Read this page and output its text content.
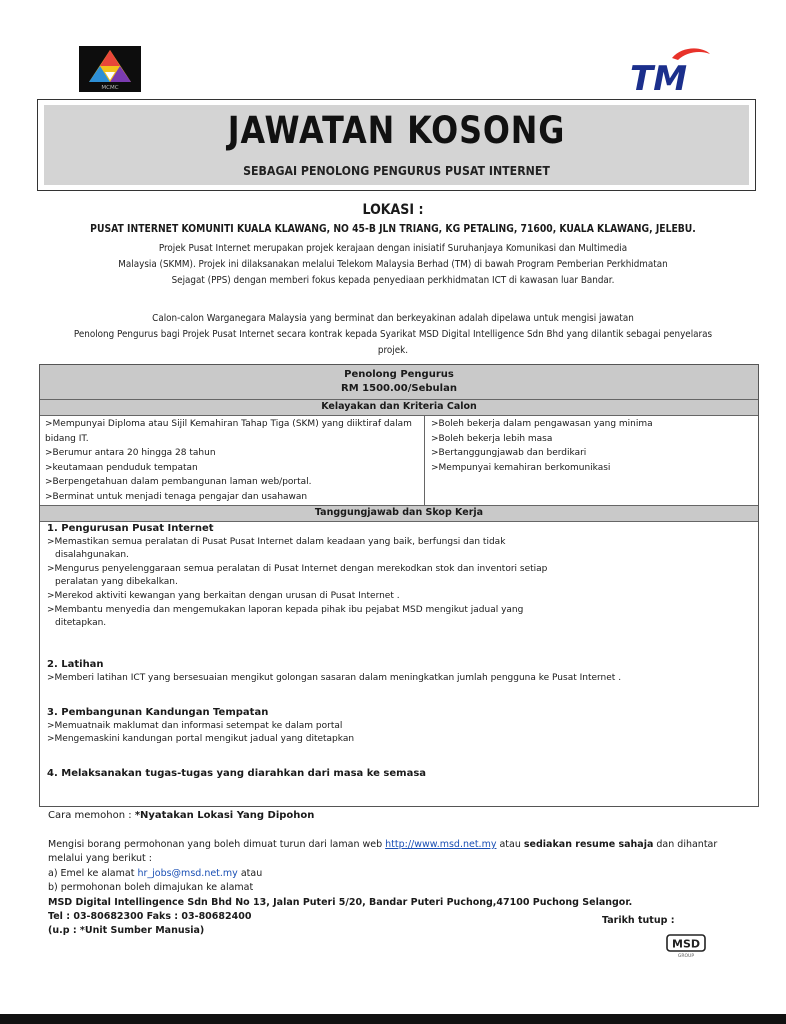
MCMC	TM
JAWATAN KOSONG
SEBAGAI PENOLONG PENGURUS PUSAT INTERNET
LOKASI :
PUSAT INTERNET KOMUNITI KUALA KLAWANG, NO 45-B JLN TRIANG, KG PETALING, 71600, KUALA KLAWANG, JELEBU.
Projek Pusat Internet merupakan projek kerajaan dengan inisiatif Suruhanjaya Komunikasi dan Multimedia
Malaysia (SKMM). Projek ini dilaksanakan melalui Telekom Malaysia Berhad (TM) di bawah Program Pemberian Perkhidmatan
Sejagat (PPS) dengan memberi fokus kepada penyediaan perkhidmatan ICT di kawasan luar Bandar.
Calon-calon Warganegara Malaysia yang berminat dan berkeyakinan adalah dipelawa untuk mengisi jawatan
Penolong Pengurus bagi Projek Pusat Internet secara kontrak kepada Syarikat MSD Digital Intelligence Sdn Bhd yang dilantik sebagai penyelaras projek.
Penolong Pengurus
RM 1500.00/Sebulan
Kelayakan dan Kriteria Calon
>Mempunyai Diploma atau Sijil Kemahiran Tahap Tiga (SKM) yang diiktiraf dalam bidang IT.
>Berumur antara 20 hingga 28 tahun
>keutamaan penduduk tempatan
>Berpengetahuan dalam pembangunan laman web/portal.
>Berminat untuk menjadi tenaga pengajar dan usahawan
>Boleh bekerja dalam pengawasan yang minima
>Boleh bekerja lebih masa
>Bertanggungjawab dan berdikari
>Mempunyai kemahiran berkomunikasi
Tanggungjawab dan Skop Kerja
1. Pengurusan Pusat Internet
>Memastikan semua peralatan di Pusat Pusat Internet dalam keadaan yang baik, berfungsi dan tidak
disalahgunakan.
>Mengurus penyelenggaraan semua peralatan di Pusat Internet dengan merekodkan stok dan inventori setiap
peralatan yang dibekalkan.
>Merekod aktiviti kewangan yang berkaitan dengan urusan di Pusat Internet .
>Membantu menyedia dan mengemukakan laporan kepada pihak ibu pejabat MSD mengikut jadual yang
ditetapkan.
2. Latihan
>Memberi latihan ICT yang bersesuaian mengikut golongan sasaran dalam meningkatkan jumlah pengguna ke Pusat Internet .
3. Pembangunan Kandungan Tempatan
>Memuatnaik maklumat dan informasi setempat ke dalam portal
>Mengemaskini kandungan portal mengikut jadual yang ditetapkan
4. Melaksanakan tugas-tugas yang diarahkan dari masa ke semasa
Cara memohon : *Nyatakan Lokasi Yang Dipohon
Mengisi borang permohonan yang boleh dimuat turun dari laman web http://www.msd.net.my atau sediakan resume sahaja dan dihantar melalui yang berikut :
a) Emel ke alamat hr_jobs@msd.net.my atau
b) permohonan boleh dimajukan ke alamat
MSD Digital Intellingence Sdn Bhd No 13, Jalan Puteri 5/20, Bandar Puteri Puchong,47100 Puchong Selangor.
Tel : 03-80682300 Faks : 03-80682400
(u.p : *Unit Sumber Manusia)
Tarikh tutup :
MSD
GROUP
